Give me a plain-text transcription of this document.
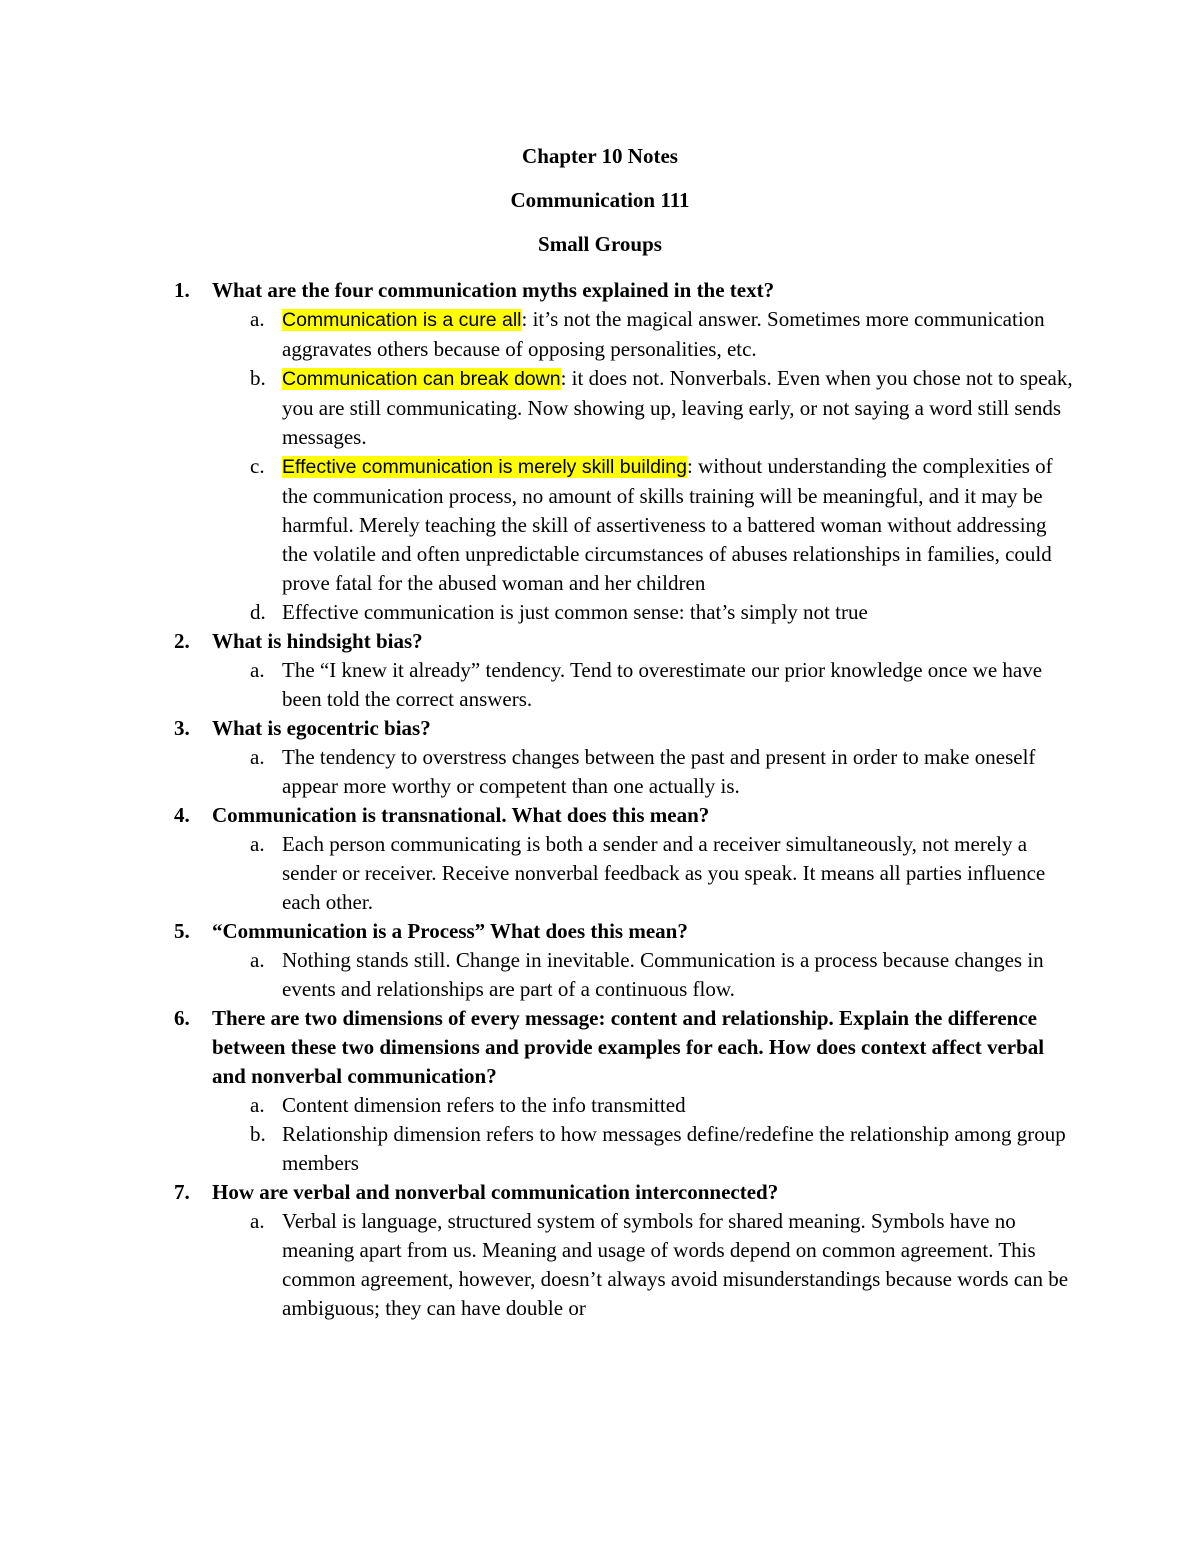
Chapter 10 Notes
Communication 111
Small Groups
1.	What are the four communication myths explained in the text?
a. Communication is a cure all: it’s not the magical answer. Sometimes more communication aggravates others because of opposing personalities, etc.
b. Communication can break down: it does not. Nonverbals. Even when you chose not to speak, you are still communicating. Now showing up, leaving early, or not saying a word still sends messages.
c. Effective communication is merely skill building: without understanding the complexities of the communication process, no amount of skills training will be meaningful, and it may be harmful. Merely teaching the skill of assertiveness to a battered woman without addressing the volatile and often unpredictable circumstances of abuses relationships in families, could prove fatal for the abused woman and her children
d. Effective communication is just common sense: that’s simply not true
2.	What is hindsight bias?
a. The “I knew it already” tendency. Tend to overestimate our prior knowledge once we have been told the correct answers.
3.	What is egocentric bias?
a. The tendency to overstress changes between the past and present in order to make oneself appear more worthy or competent than one actually is.
4.	Communication is transnational. What does this mean?
a. Each person communicating is both a sender and a receiver simultaneously, not merely a sender or receiver. Receive nonverbal feedback as you speak. It means all parties influence each other.
5.	“Communication is a Process” What does this mean?
a. Nothing stands still. Change in inevitable. Communication is a process because changes in events and relationships are part of a continuous flow.
6.	There are two dimensions of every message: content and relationship. Explain the difference between these two dimensions and provide examples for each. How does context affect verbal and nonverbal communication?
a. Content dimension refers to the info transmitted
b. Relationship dimension refers to how messages define/redefine the relationship among group members
7.	How are verbal and nonverbal communication interconnected?
a. Verbal is language, structured system of symbols for shared meaning. Symbols have no meaning apart from us. Meaning and usage of words depend on common agreement. This common agreement, however, doesn’t always avoid misunderstandings because words can be ambiguous; they can have double or
